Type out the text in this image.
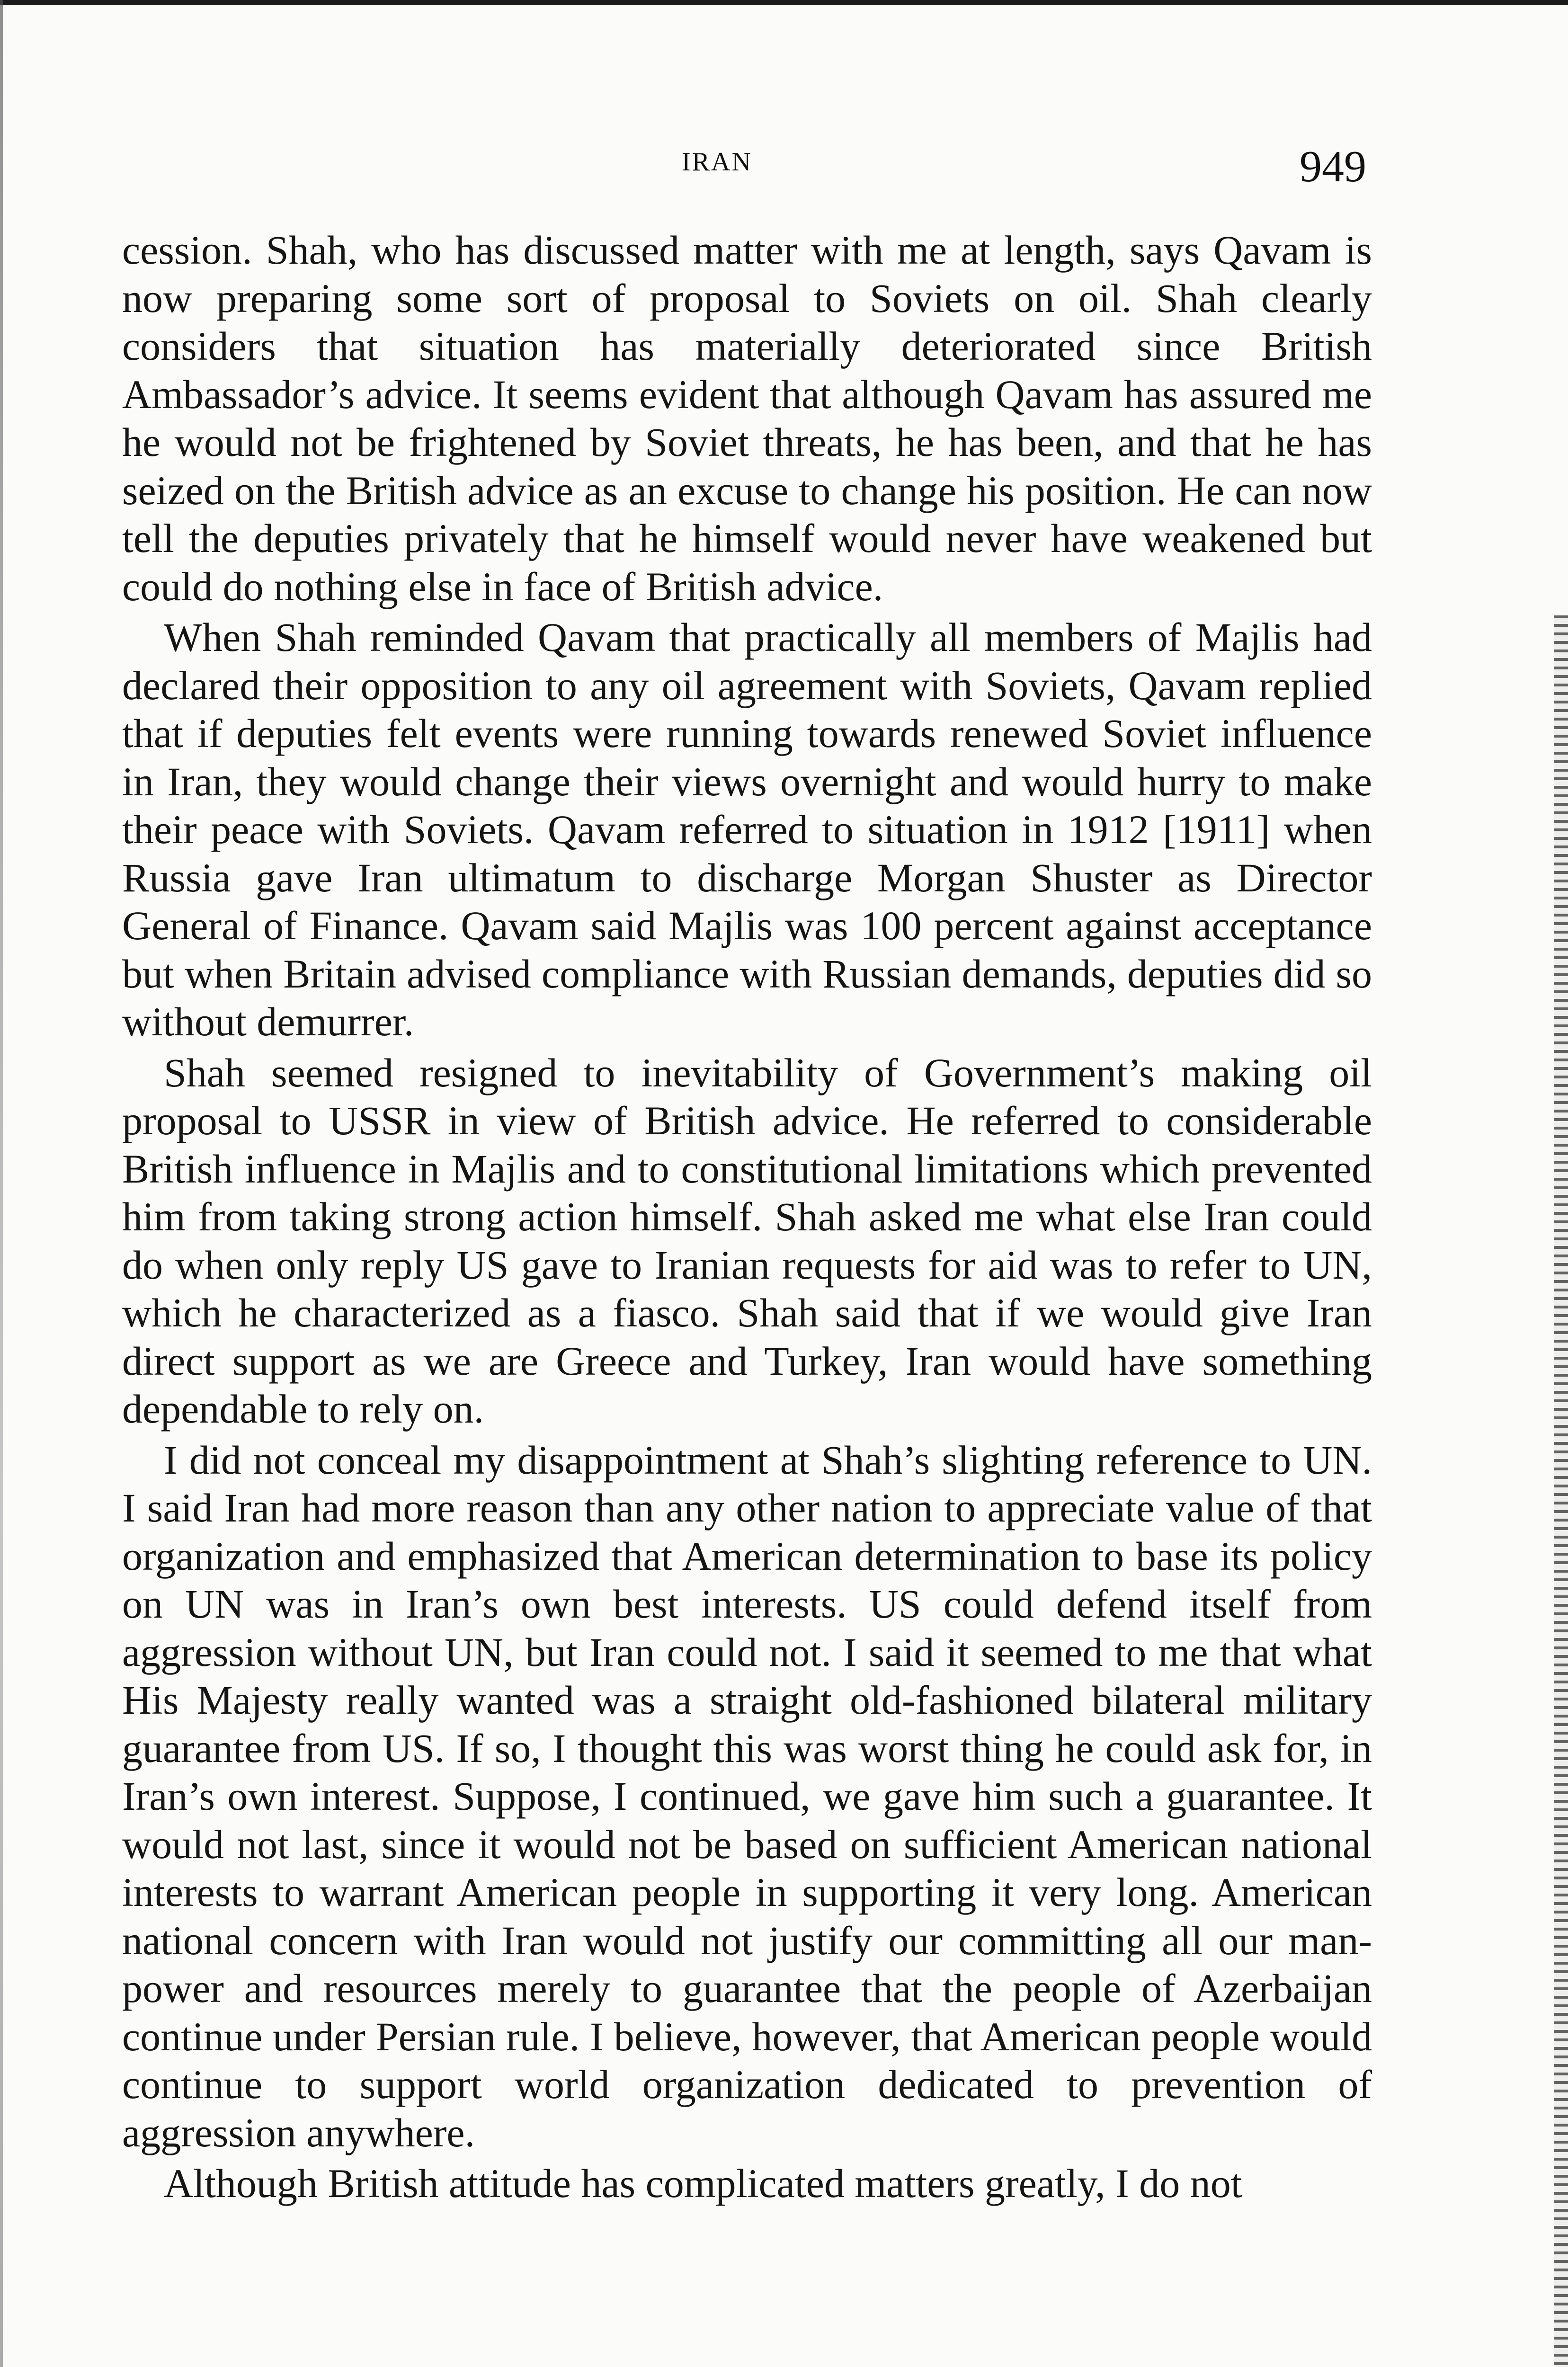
IRAN	949

cession. Shah, who has discussed matter with me at length, says Qavam is now preparing some sort of proposal to Soviets on oil. Shah clearly considers that situation has materially deteriorated since British Ambassador’s advice. It seems evident that although Qavam has assured me he would not be frightened by Soviet threats, he has been, and that he has seized on the British advice as an excuse to change his position. He can now tell the deputies privately that he himself would never have weakened but could do nothing else in face of British advice.

When Shah reminded Qavam that practically all members of Majlis had declared their opposition to any oil agreement with Soviets, Qavam replied that if deputies felt events were running towards renewed Soviet influence in Iran, they would change their views overnight and would hurry to make their peace with Soviets. Qavam referred to situation in 1912 [1911] when Russia gave Iran ultimatum to discharge Morgan Shuster as Director General of Finance. Qavam said Majlis was 100 percent against acceptance but when Britain advised compliance with Russian demands, deputies did so without demurrer.

Shah seemed resigned to inevitability of Government’s making oil proposal to USSR in view of British advice. He referred to considerable British influence in Majlis and to constitutional limitations which prevented him from taking strong action himself. Shah asked me what else Iran could do when only reply US gave to Iranian requests for aid was to refer to UN, which he characterized as a fiasco. Shah said that if we would give Iran direct support as we are Greece and Turkey, Iran would have something dependable to rely on.

I did not conceal my disappointment at Shah’s slighting reference to UN. I said Iran had more reason than any other nation to appreciate value of that organization and emphasized that American determination to base its policy on UN was in Iran’s own best interests. US could defend itself from aggression without UN, but Iran could not. I said it seemed to me that what His Majesty really wanted was a straight old-fashioned bilateral military guarantee from US. If so, I thought this was worst thing he could ask for, in Iran’s own interest. Suppose, I continued, we gave him such a guarantee. It would not last, since it would not be based on sufficient American national interests to warrant American people in supporting it very long. American national concern with Iran would not justify our committing all our man-power and resources merely to guarantee that the people of Azerbaijan continue under Persian rule. I believe, however, that American people would continue to support world organization dedicated to prevention of aggression anywhere.

Although British attitude has complicated matters greatly, I do not
